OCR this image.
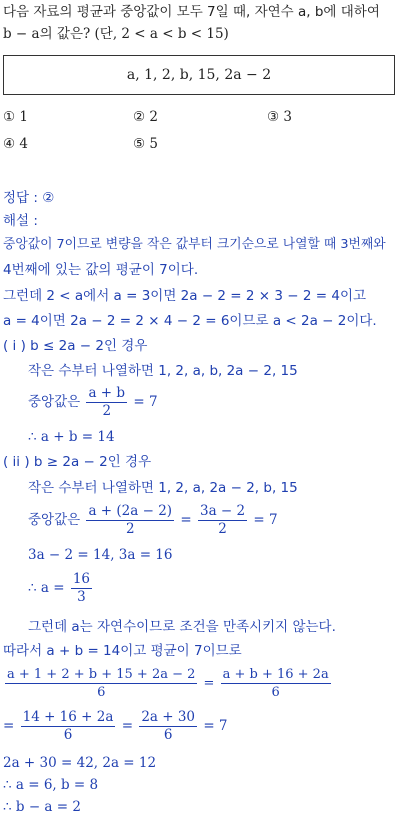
다음 자료의 평균과 중앙값이 모두 7일 때, 자연수 a, b에 대하여
b − a의 값은? (단, 2 < a < b < 15)
a, 1, 2, b, 15, 2a − 2
① 1	② 2	③ 3
④ 4	⑤ 5
정답 : ②
해설 :
중앙값이 7이므로 변량을 작은 값부터 크기순으로 나열할 때 3번째와
4번째에 있는 값의 평균이 7이다.
그런데 2 < a에서 a = 3이면 2a − 2 = 2 × 3 − 2 = 4이고
a = 4이면 2a − 2 = 2 × 4 − 2 = 6이므로 a < 2a − 2이다.
( i ) b ≤ 2a − 2인 경우
작은 수부터 나열하면 1, 2, a, b, 2a − 2, 15
중앙값은 $\frac{a + b}{2} = 7$
∴ a + b = 14
( ii ) b ≥ 2a − 2인 경우
작은 수부터 나열하면 1, 2, a, 2a − 2, b, 15
중앙값은 $\frac{a + (2a - 2)}{2} = \frac{3a - 2}{2} = 7$
3a − 2 = 14, 3a = 16
∴ $a = \frac{16}{3}$
그런데 a는 자연수이므로 조건을 만족시키지 않는다.
따라서 a + b = 14이고 평균이 7이므로
$\frac{a + 1 + 2 + b + 15 + 2a - 2}{6} = \frac{a + b + 16 + 2a}{6}$
= $\frac{14 + 16 + 2a}{6} = \frac{2a + 30}{6} = 7$
2a + 30 = 42, 2a = 12
∴ a = 6, b = 8
∴ b − a = 2
